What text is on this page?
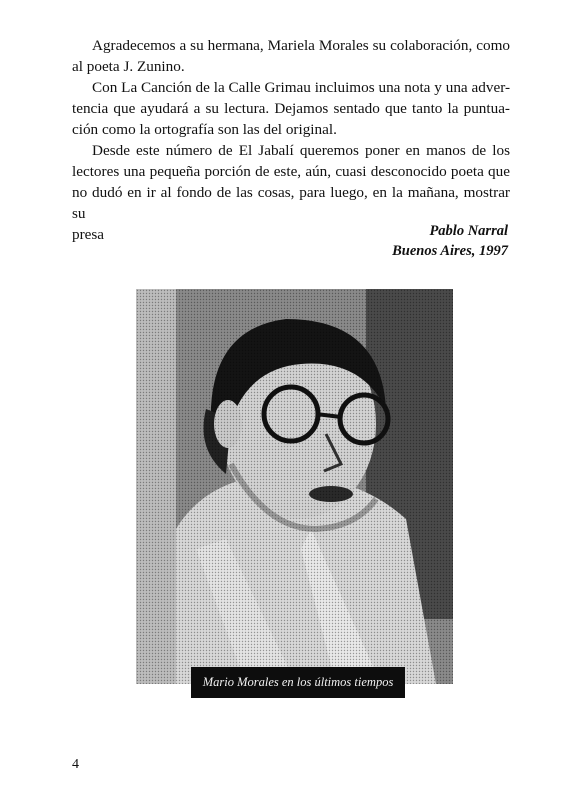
Agradecemos a su hermana, Mariela Morales su colaboración, como
al poeta J. Zunino.
Con La Canción de la Calle Grimau incluimos una nota y una adver-
tencia que ayudará a su lectura. Dejamos sentado que tanto la puntua-
ción como la ortografía son las del original.
Desde este número de El Jabalí queremos poner en manos de los
lectores una pequeña porción de este, aún, cuasi desconocido poeta que
no dudó en ir al fondo de las cosas, para luego, en la mañana, mostrar su
presa	Pablo Narral
Buenos Aires, 1997
Mario Morales en los últimos tiempos
4
